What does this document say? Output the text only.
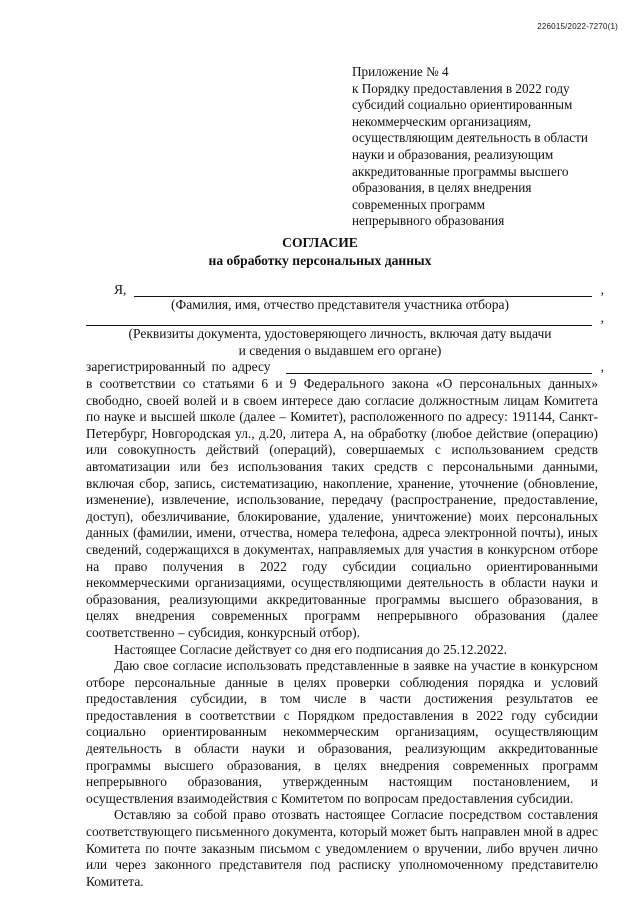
226015/2022-7270(1)
Приложение № 4
к Порядку предоставления в 2022 году
субсидий социально ориентированным
некоммерческим организациям,
осуществляющим деятельность в области
науки и образования, реализующим
аккредитованные программы высшего
образования, в целях внедрения
современных программ
непрерывного образования
СОГЛАСИЕ
на обработку персональных данных
Я,	,
(Фамилия, имя, отчество представителя участника отбора)
,
(Реквизиты документа, удостоверяющего личность, включая дату выдачи
и сведения о выдавшем его органе)
зарегистрированный по адресу	,

в соответствии со статьями 6 и 9 Федерального закона «О персональных данных» свободно, своей волей и в своем интересе даю согласие должностным лицам Комитета по науке и высшей школе (далее – Комитет), расположенного по адресу: 191144, Санкт-Петербург, Новгородская ул., д.20, литера А, на обработку (любое действие (операцию) или совокупность действий (операций), совершаемых с использованием средств автоматизации или без использования таких средств с персональными данными, включая сбор, запись, систематизацию, накопление, хранение, уточнение (обновление, изменение), извлечение, использование, передачу (распространение, предоставление, доступ), обезличивание, блокирование, удаление, уничтожение) моих персональных данных (фамилии, имени, отчества, номера телефона, адреса электронной почты), иных сведений, содержащихся в документах, направляемых для участия в конкурсном отборе на право получения в 2022 году субсидии социально ориентированными некоммерческими организациями, осуществляющими деятельность в области науки и образования, реализующими аккредитованные программы высшего образования, в целях внедрения современных программ непрерывного образования (далее соответственно – субсидия, конкурсный отбор).

Настоящее Согласие действует со дня его подписания до 25.12.2022.

Даю свое согласие использовать представленные в заявке на участие в конкурсном отборе персональные данные в целях проверки соблюдения порядка и условий предоставления субсидии, в том числе в части достижения результатов ее предоставления в соответствии с Порядком предоставления в 2022 году субсидии социально ориентированным некоммерческим организациям, осуществляющим деятельность в области науки и образования, реализующим аккредитованные программы высшего образования, в целях внедрения современных программ непрерывного образования, утвержденным настоящим постановлением, и осуществления взаимодействия с Комитетом по вопросам предоставления субсидии.

Оставляю за собой право отозвать настоящее Согласие посредством составления соответствующего письменного документа, который может быть направлен мной в адрес Комитета по почте заказным письмом с уведомлением о вручении, либо вручен лично или через законного представителя под расписку уполномоченному представителю Комитета.
